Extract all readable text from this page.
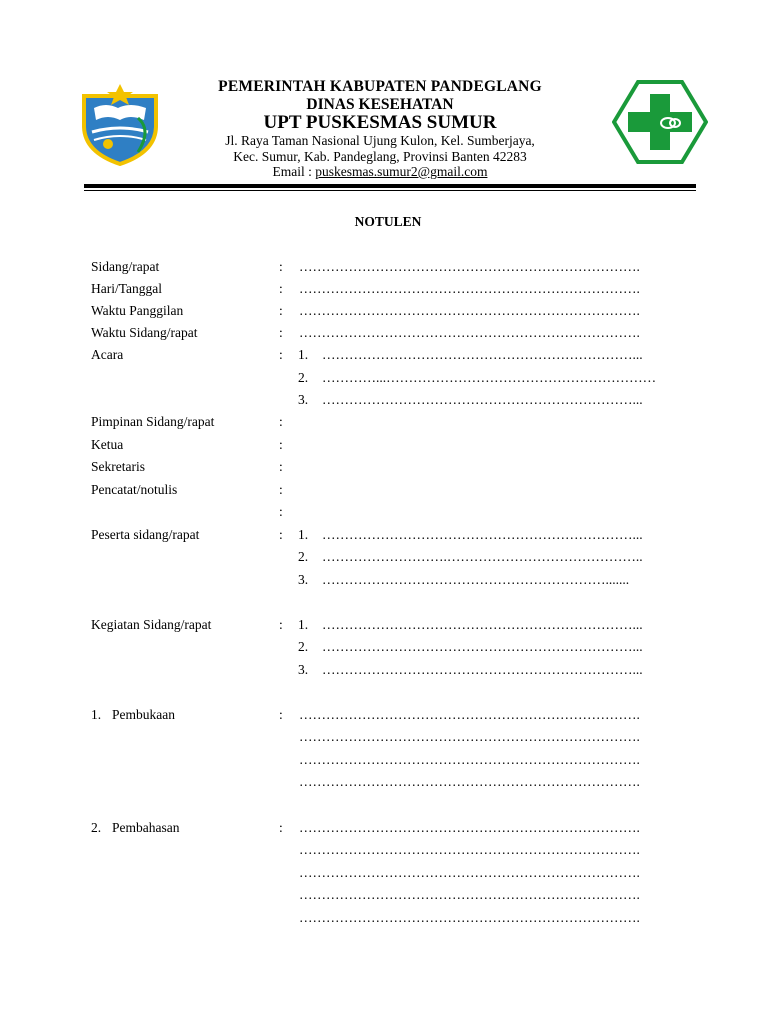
PEMERINTAH KABUPATEN PANDEGLANG
DINAS KESEHATAN
UPT PUSKESMAS SUMUR
Jl. Raya Taman Nasional Ujung Kulon, Kel. Sumberjaya,
Kec. Sumur, Kab. Pandeglang, Provinsi Banten 42283
Email : puskesmas.sumur2@gmail.com
NOTULEN
Sidang/rapat	: ………………………………………………………………….
Hari/Tanggal	: ………………………………………………………………….
Waktu Panggilan	: ………………………………………………………………….
Waktu Sidang/rapat	: ………………………………………………………………….
Acara	: 1. ……………………………………………………………...
2. …………...……………………………………………………
3. ……………………………………………………………...
Pimpinan Sidang/rapat	:
Ketua	:
Sekretaris	:
Pencatat/notulis	:
:
Peserta sidang/rapat	: 1. ……………………………………………………………...
2. ……………………….……………………………………..
3. ……………………………………………………….......
Kegiatan Sidang/rapat	: 1. ……………………………………………………………...
2. ……………………………………………………………...
3. ……………………………………………………………...
1. Pembukaan	: ………………………………………………………………….
………………………………………………………………….
………………………………………………………………….
………………………………………………………………….
2. Pembahasan	: ………………………………………………………………….
………………………………………………………………….
………………………………………………………………….
………………………………………………………………….
………………………………………………………………….
